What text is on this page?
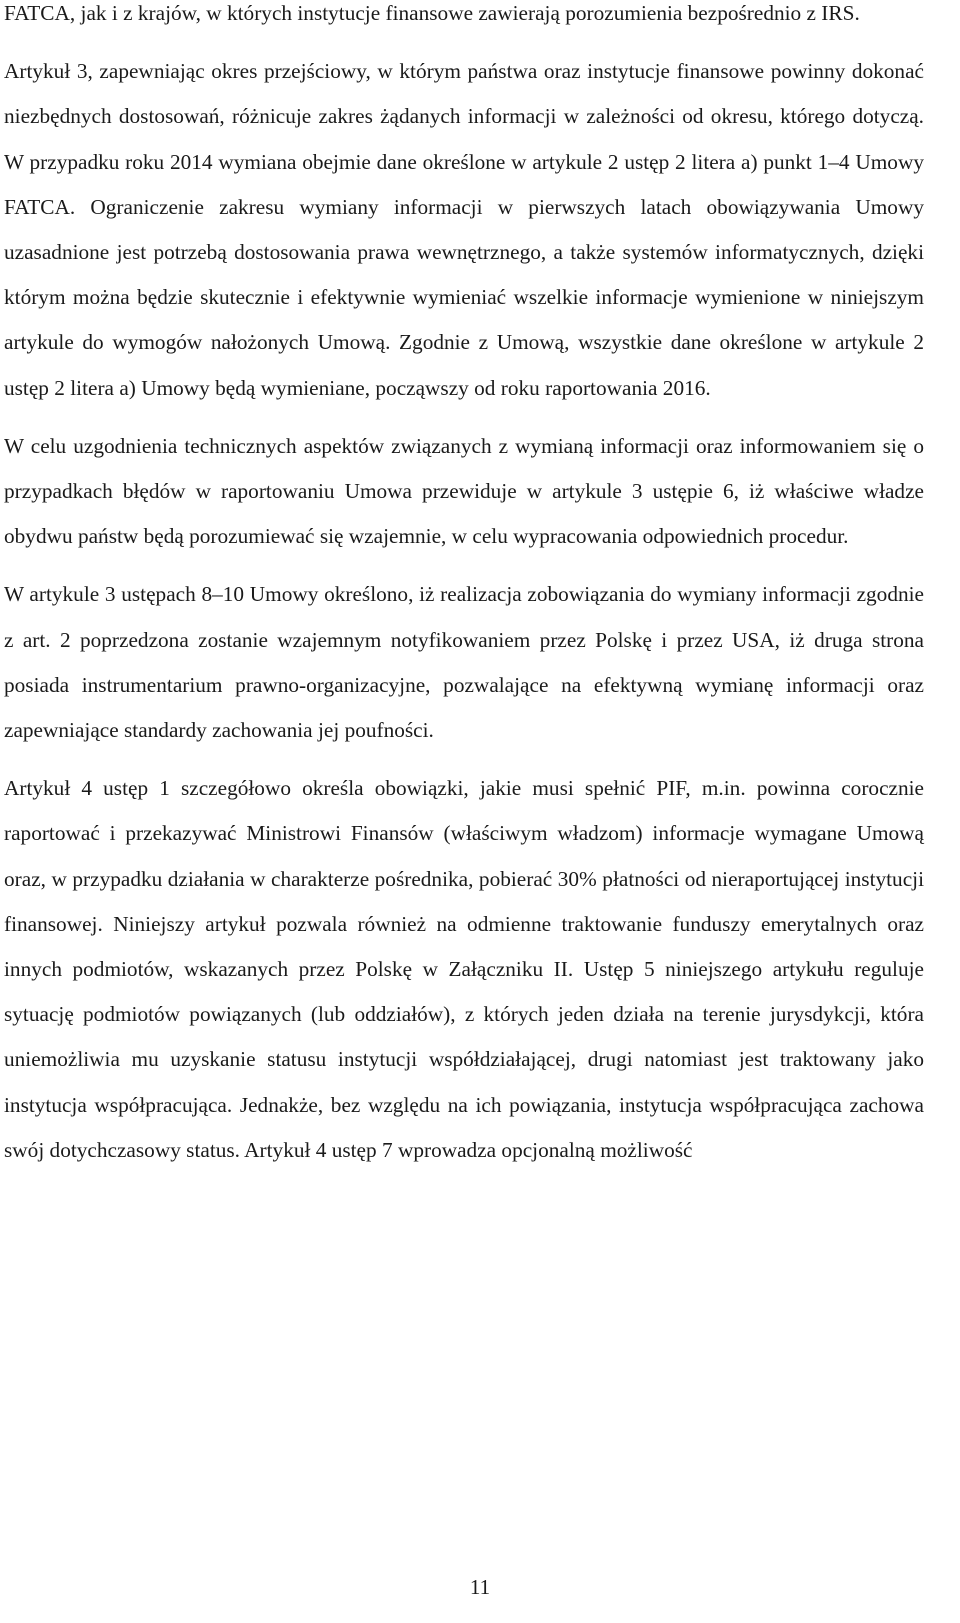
FATCA, jak i z krajów, w których instytucje finansowe zawierają porozumienia bezpośrednio z IRS.

Artykuł 3, zapewniając okres przejściowy, w którym państwa oraz instytucje finansowe powinny dokonać niezbędnych dostosowań, różnicuje zakres żądanych informacji w zależności od okresu, którego dotyczą. W przypadku roku 2014 wymiana obejmie dane określone w artykule 2 ustęp 2 litera a) punkt 1–4 Umowy FATCA. Ograniczenie zakresu wymiany informacji w pierwszych latach obowiązywania Umowy uzasadnione jest potrzebą dostosowania prawa wewnętrznego, a także systemów informatycznych, dzięki którym można będzie skutecznie i efektywnie wymieniać wszelkie informacje wymienione w niniejszym artykule do wymogów nałożonych Umową. Zgodnie z Umową, wszystkie dane określone w artykule 2 ustęp 2 litera a) Umowy będą wymieniane, począwszy od roku raportowania 2016.

W celu uzgodnienia technicznych aspektów związanych z wymianą informacji oraz informowaniem się o przypadkach błędów w raportowaniu Umowa przewiduje w artykule 3 ustępie 6, iż właściwe władze obydwu państw będą porozumiewać się wzajemnie, w celu wypracowania odpowiednich procedur.

W artykule 3 ustępach 8–10 Umowy określono, iż realizacja zobowiązania do wymiany informacji zgodnie z art. 2 poprzedzona zostanie wzajemnym notyfikowaniem przez Polskę i przez USA, iż druga strona posiada instrumentarium prawno-organizacyjne, pozwalające na efektywną wymianę informacji oraz zapewniające standardy zachowania jej poufności.

Artykuł 4 ustęp 1 szczegółowo określa obowiązki, jakie musi spełnić PIF, m.in. powinna corocznie raportować i przekazywać Ministrowi Finansów (właściwym władzom) informacje wymagane Umową oraz, w przypadku działania w charakterze pośrednika, pobierać 30% płatności od nieraportującej instytucji finansowej. Niniejszy artykuł pozwala również na odmienne traktowanie funduszy emerytalnych oraz innych podmiotów, wskazanych przez Polskę w Załączniku II. Ustęp 5 niniejszego artykułu reguluje sytuację podmiotów powiązanych (lub oddziałów), z których jeden działa na terenie jurysdykcji, która uniemożliwia mu uzyskanie statusu instytucji współdziałającej, drugi natomiast jest traktowany jako instytucja współpracująca. Jednakże, bez względu na ich powiązania, instytucja współpracująca zachowa swój dotychczasowy status. Artykuł 4 ustęp 7 wprowadza opcjonalną możliwość

11
